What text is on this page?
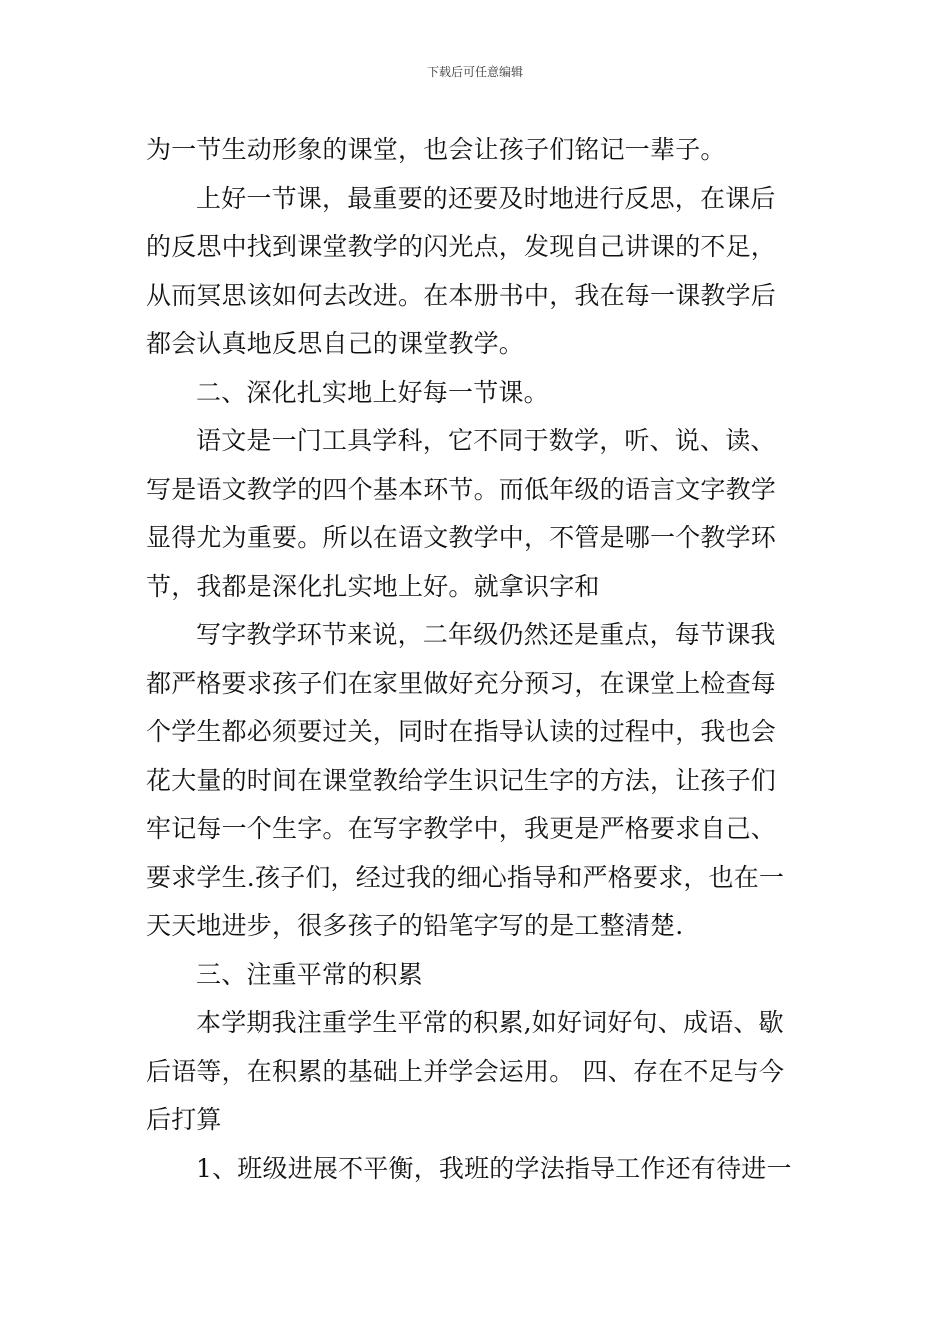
下载后可任意编辑
为一节生动形象的课堂，也会让孩子们铭记一辈子。
上好一节课，最重要的还要及时地进行反思，在课后
的反思中找到课堂教学的闪光点，发现自己讲课的不足，
从而冥思该如何去改进。在本册书中，我在每一课教学后
都会认真地反思自己的课堂教学。
二、深化扎实地上好每一节课。
语文是一门工具学科，它不同于数学，听、说、读、
写是语文教学的四个基本环节。而低年级的语言文字教学
显得尤为重要。所以在语文教学中，不管是哪一个教学环
节，我都是深化扎实地上好。就拿识字和
写字教学环节来说，二年级仍然还是重点，每节课我
都严格要求孩子们在家里做好充分预习，在课堂上检查每
个学生都必须要过关，同时在指导认读的过程中，我也会
花大量的时间在课堂教给学生识记生字的方法，让孩子们
牢记每一个生字。在写字教学中，我更是严格要求自己、
要求学生.孩子们，经过我的细心指导和严格要求，也在一
天天地进步，很多孩子的铅笔字写的是工整清楚.
三、注重平常的积累
本学期我注重学生平常的积累,如好词好句、成语、歇
后语等，在积累的基础上并学会运用。 四、存在不足与今
后打算
1、班级进展不平衡，我班的学法指导工作还有待进一
